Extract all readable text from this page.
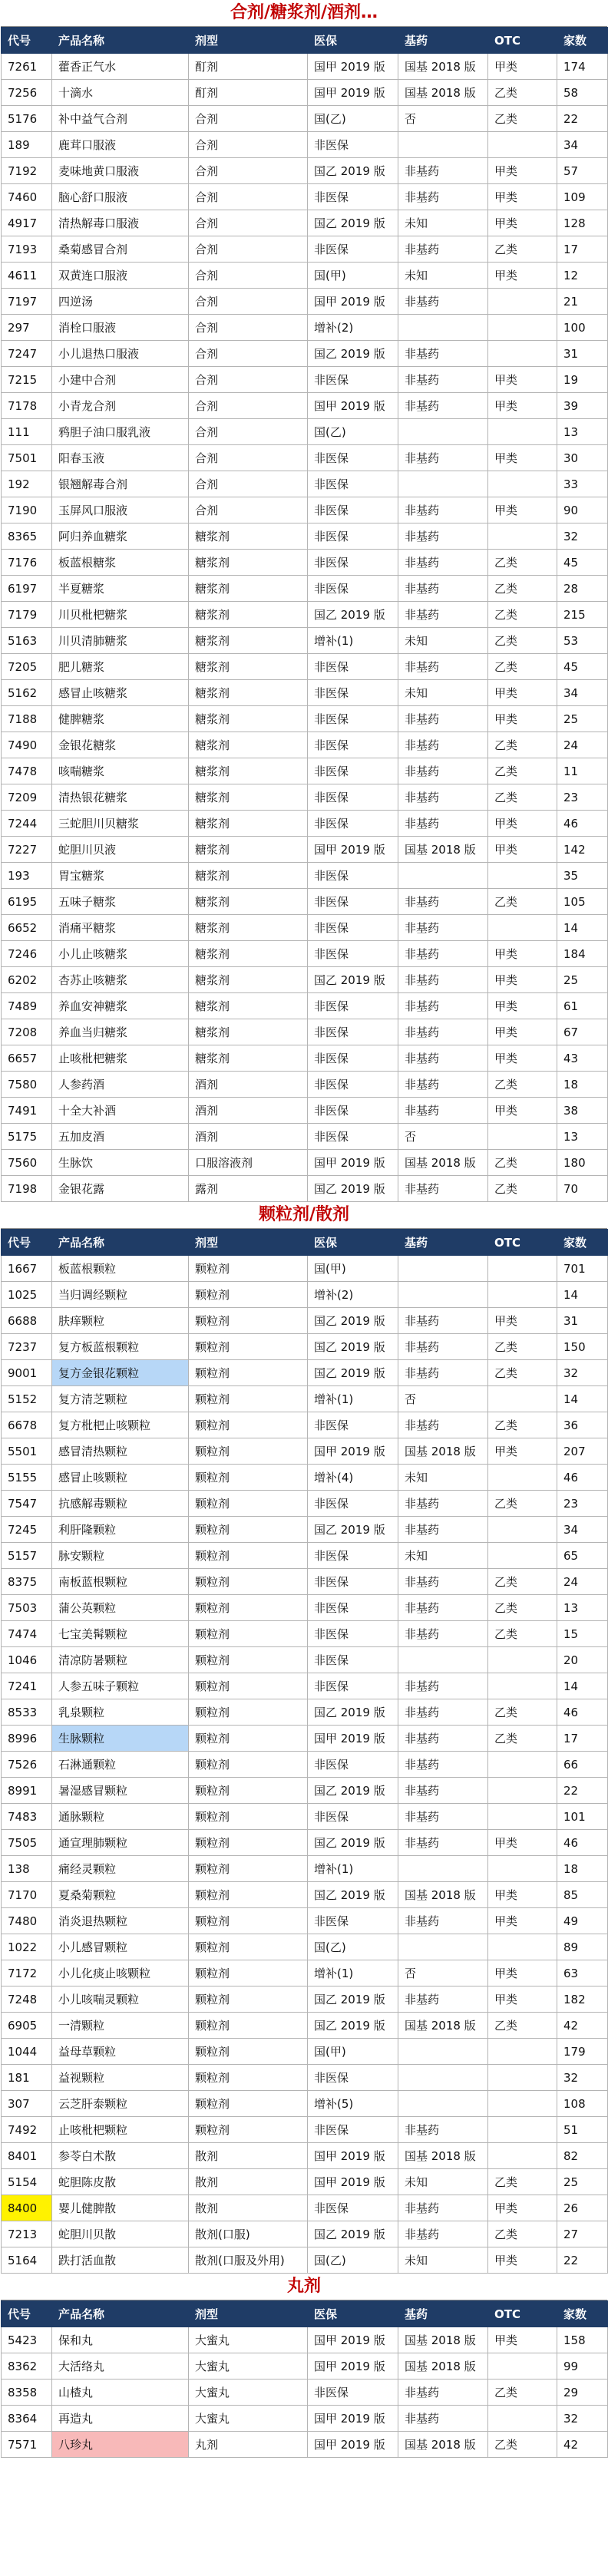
合剂/糖浆剂/酒剂…
代号	产品名称	剂型	医保	基药	OTC	家数
7261	藿香正气水	酊剂	国甲 2019 版	国基 2018 版	甲类	174
7256	十滴水	酊剂	国甲 2019 版	国基 2018 版	乙类	58
5176	补中益气合剂	合剂	国(乙)	否	乙类	22
189	鹿茸口服液	合剂	非医保			34
7192	麦味地黄口服液	合剂	国乙 2019 版	非基药	甲类	57
7460	脑心舒口服液	合剂	非医保	非基药	甲类	109
4917	清热解毒口服液	合剂	国乙 2019 版	未知	甲类	128
7193	桑菊感冒合剂	合剂	非医保	非基药	乙类	17
4611	双黄连口服液	合剂	国(甲)	未知	甲类	12
7197	四逆汤	合剂	国甲 2019 版	非基药		21
297	消栓口服液	合剂	增补(2)			100
7247	小儿退热口服液	合剂	国乙 2019 版	非基药		31
7215	小建中合剂	合剂	非医保	非基药	甲类	19
7178	小青龙合剂	合剂	国甲 2019 版	非基药	甲类	39
111	鸦胆子油口服乳液	合剂	国(乙)			13
7501	阳春玉液	合剂	非医保	非基药	甲类	30
192	银翘解毒合剂	合剂	非医保			33
7190	玉屏风口服液	合剂	非医保	非基药	甲类	90
8365	阿归养血糖浆	糖浆剂	非医保	非基药		32
7176	板蓝根糖浆	糖浆剂	非医保	非基药	乙类	45
6197	半夏糖浆	糖浆剂	非医保	非基药	乙类	28
7179	川贝枇杷糖浆	糖浆剂	国乙 2019 版	非基药	乙类	215
5163	川贝清肺糖浆	糖浆剂	增补(1)	未知	乙类	53
7205	肥儿糖浆	糖浆剂	非医保	非基药	乙类	45
5162	感冒止咳糖浆	糖浆剂	非医保	未知	甲类	34
7188	健脾糖浆	糖浆剂	非医保	非基药	甲类	25
7490	金银花糖浆	糖浆剂	非医保	非基药	乙类	24
7478	咳喘糖浆	糖浆剂	非医保	非基药	乙类	11
7209	清热银花糖浆	糖浆剂	非医保	非基药	乙类	23
7244	三蛇胆川贝糖浆	糖浆剂	非医保	非基药	甲类	46
7227	蛇胆川贝液	糖浆剂	国甲 2019 版	国基 2018 版	甲类	142
193	胃宝糖浆	糖浆剂	非医保			35
6195	五味子糖浆	糖浆剂	非医保	非基药	乙类	105
6652	消痛平糖浆	糖浆剂	非医保	非基药		14
7246	小儿止咳糖浆	糖浆剂	非医保	非基药	甲类	184
6202	杏苏止咳糖浆	糖浆剂	国乙 2019 版	非基药	甲类	25
7489	养血安神糖浆	糖浆剂	非医保	非基药	甲类	61
7208	养血当归糖浆	糖浆剂	非医保	非基药	甲类	67
6657	止咳枇杷糖浆	糖浆剂	非医保	非基药	甲类	43
7580	人参药酒	酒剂	非医保	非基药	乙类	18
7491	十全大补酒	酒剂	非医保	非基药	甲类	38
5175	五加皮酒	酒剂	非医保	否		13
7560	生脉饮	口服溶液剂	国甲 2019 版	国基 2018 版	乙类	180
7198	金银花露	露剂	国乙 2019 版	非基药	乙类	70
颗粒剂/散剂
代号	产品名称	剂型	医保	基药	OTC	家数
1667	板蓝根颗粒	颗粒剂	国(甲)			701
1025	当归调经颗粒	颗粒剂	增补(2)			14
6688	肤痒颗粒	颗粒剂	国乙 2019 版	非基药	甲类	31
7237	复方板蓝根颗粒	颗粒剂	国乙 2019 版	非基药	乙类	150
9001	复方金银花颗粒	颗粒剂	国乙 2019 版	非基药	乙类	32
5152	复方清芝颗粒	颗粒剂	增补(1)	否		14
6678	复方枇杷止咳颗粒	颗粒剂	非医保	非基药	乙类	36
5501	感冒清热颗粒	颗粒剂	国甲 2019 版	国基 2018 版	甲类	207
5155	感冒止咳颗粒	颗粒剂	增补(4)	未知		46
7547	抗感解毒颗粒	颗粒剂	非医保	非基药	乙类	23
7245	利肝隆颗粒	颗粒剂	国乙 2019 版	非基药		34
5157	脉安颗粒	颗粒剂	非医保	未知		65
8375	南板蓝根颗粒	颗粒剂	非医保	非基药	乙类	24
7503	蒲公英颗粒	颗粒剂	非医保	非基药	乙类	13
7474	七宝美髯颗粒	颗粒剂	非医保	非基药	乙类	15
1046	清凉防暑颗粒	颗粒剂	非医保			20
7241	人参五味子颗粒	颗粒剂	非医保	非基药		14
8533	乳泉颗粒	颗粒剂	国乙 2019 版	非基药	乙类	46
8996	生脉颗粒	颗粒剂	国甲 2019 版	非基药	乙类	17
7526	石淋通颗粒	颗粒剂	非医保	非基药		66
8991	暑湿感冒颗粒	颗粒剂	国乙 2019 版	非基药		22
7483	通脉颗粒	颗粒剂	非医保	非基药		101
7505	通宣理肺颗粒	颗粒剂	国乙 2019 版	非基药	甲类	46
138	痛经灵颗粒	颗粒剂	增补(1)			18
7170	夏桑菊颗粒	颗粒剂	国乙 2019 版	国基 2018 版	甲类	85
7480	消炎退热颗粒	颗粒剂	非医保	非基药	甲类	49
1022	小儿感冒颗粒	颗粒剂	国(乙)			89
7172	小儿化痰止咳颗粒	颗粒剂	增补(1)	否	甲类	63
7248	小儿咳喘灵颗粒	颗粒剂	国乙 2019 版	非基药	甲类	182
6905	一清颗粒	颗粒剂	国乙 2019 版	国基 2018 版	乙类	42
1044	益母草颗粒	颗粒剂	国(甲)			179
181	益视颗粒	颗粒剂	非医保			32
307	云芝肝泰颗粒	颗粒剂	增补(5)			108
7492	止咳枇杷颗粒	颗粒剂	非医保	非基药		51
8401	参苓白术散	散剂	国甲 2019 版	国基 2018 版		82
5154	蛇胆陈皮散	散剂	国甲 2019 版	未知	乙类	25
8400	婴儿健脾散	散剂	非医保	非基药	甲类	26
7213	蛇胆川贝散	散剂(口服)	国乙 2019 版	非基药	乙类	27
5164	跌打活血散	散剂(口服及外用)	国(乙)	未知	甲类	22
丸剂
代号	产品名称	剂型	医保	基药	OTC	家数
5423	保和丸	大蜜丸	国甲 2019 版	国基 2018 版	甲类	158
8362	大活络丸	大蜜丸	国甲 2019 版	国基 2018 版		99
8358	山楂丸	大蜜丸	非医保	非基药	乙类	29
8364	再造丸	大蜜丸	国甲 2019 版	非基药		32
7571	八珍丸	丸剂	国甲 2019 版	国基 2018 版	乙类	42
